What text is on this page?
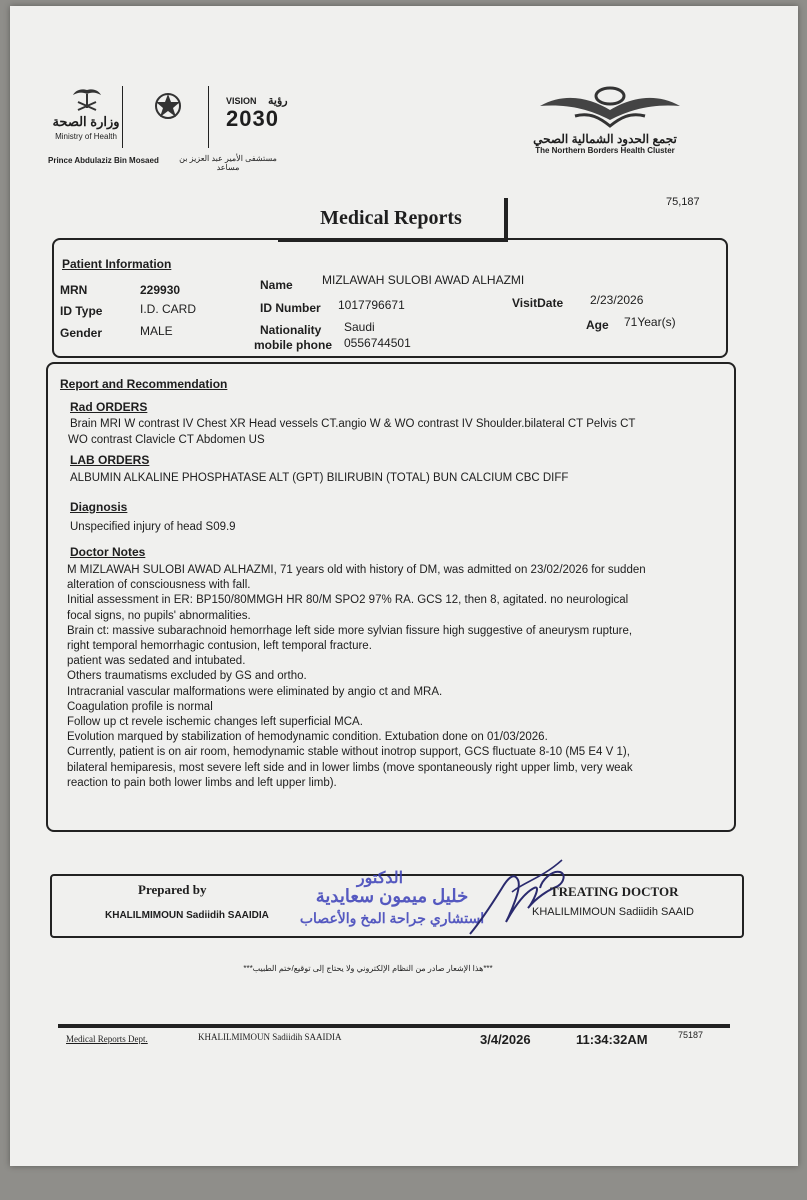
وزارة الصحة
Ministry of Health
Prince Abdulaziz Bin Mosaed	مستشفى الأمير عبد العزيز بن مساعد
VISION رؤية
2030
تجمع الحدود الشمالية الصحي
The Northern Borders Health Cluster
Medical Reports
75,187
Patient Information
MRN	229930
ID Type	I.D. CARD
Gender	MALE
Name MIZLAWAH SULOBI AWAD ALHAZMI
ID Number 1017796671
Nationality Saudi
mobile phone 0556744501
VisitDate 2/23/2026
Age 71Year(s)
Report and Recommendation
Rad ORDERS
Brain MRI W contrast IV Chest XR Head vessels CT.angio W & WO contrast IV Shoulder.bilateral CT Pelvis CT
WO contrast Clavicle CT Abdomen US
LAB ORDERS
ALBUMIN ALKALINE PHOSPHATASE ALT (GPT) BILIRUBIN (TOTAL) BUN CALCIUM CBC DIFF
Diagnosis
Unspecified injury of head S09.9
Doctor Notes
M MIZLAWAH SULOBI AWAD ALHAZMI, 71 years old with history of DM, was admitted on 23/02/2026 for sudden
alteration of consciousness with fall.
Initial assessment in ER: BP150/80MMGH HR 80/M SPO2 97% RA. GCS 12, then 8, agitated. no neurological
focal signs, no pupils' abnormalities.
Brain ct: massive subarachnoid hemorrhage left side more sylvian fissure high suggestive of aneurysm rupture,
right temporal hemorrhagic contusion, left temporal fracture.
patient was sedated and intubated.
Others traumatisms excluded by GS and ortho.
Intracranial vascular malformations were eliminated by angio ct and MRA.
Coagulation profile is normal
Follow up ct revele ischemic changes left superficial MCA.
Evolution marqued by stabilization of hemodynamic condition. Extubation done on 01/03/2026.
Currently, patient is on air room, hemodynamic stable without inotrop support, GCS fluctuate 8-10 (M5 E4 V 1),
bilateral hemiparesis, most severe left side and in lower limbs (move spontaneously right upper limb, very weak
reaction to pain both lower limbs and left upper limb).
Prepared by
KHALILMIMOUN Sadiidih SAAIDIA
الدكتور
خليل ميمون سعايدية
استشاري جراحة المخ والأعصاب
TREATING DOCTOR
KHALILMIMOUN Sadiidih SAAID
***هذا الإشعار صادر من النظام الإلكتروني ولا يحتاج إلى توقيع/ختم الطبيب***
Medical Reports Dept.	KHALILMIMOUN Sadiidih SAAIDIA	3/4/2026	11:34:32AM	75187
